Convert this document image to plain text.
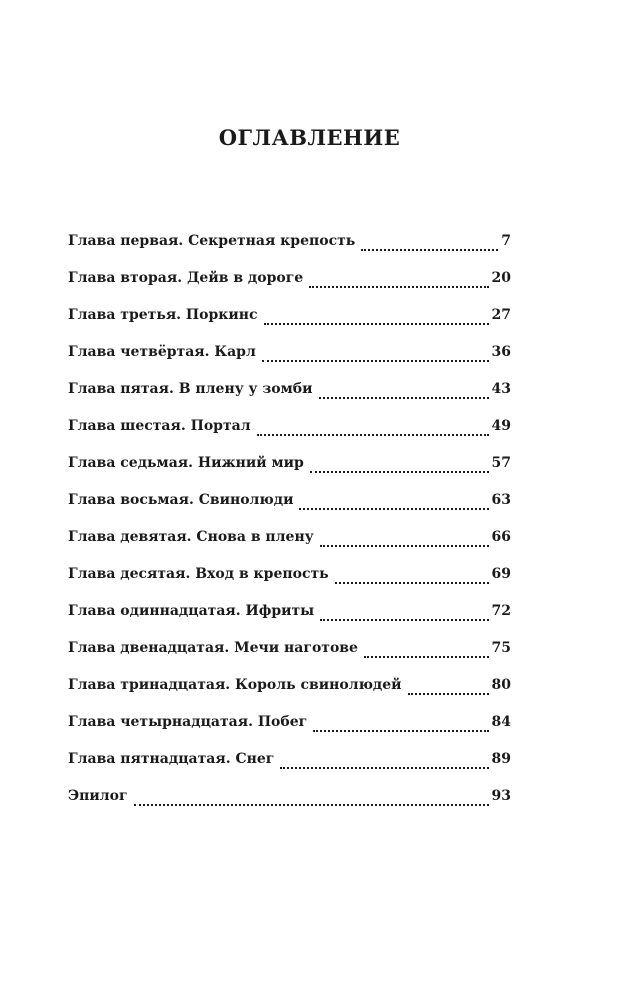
ОГЛАВЛЕНИЕ
Глава первая. Секретная крепость	7
Глава вторая. Дейв в дороге	20
Глава третья. Поркинс	27
Глава четвёртая. Карл	36
Глава пятая. В плену у зомби	43
Глава шестая. Портал	49
Глава седьмая. Нижний мир	57
Глава восьмая. Свинолюди	63
Глава девятая. Снова в плену	66
Глава десятая. Вход в крепость	69
Глава одиннадцатая. Ифриты	72
Глава двенадцатая. Мечи наготове	75
Глава тринадцатая. Король свинолюдей	80
Глава четырнадцатая. Побег	84
Глава пятнадцатая. Снег	89
Эпилог	93
